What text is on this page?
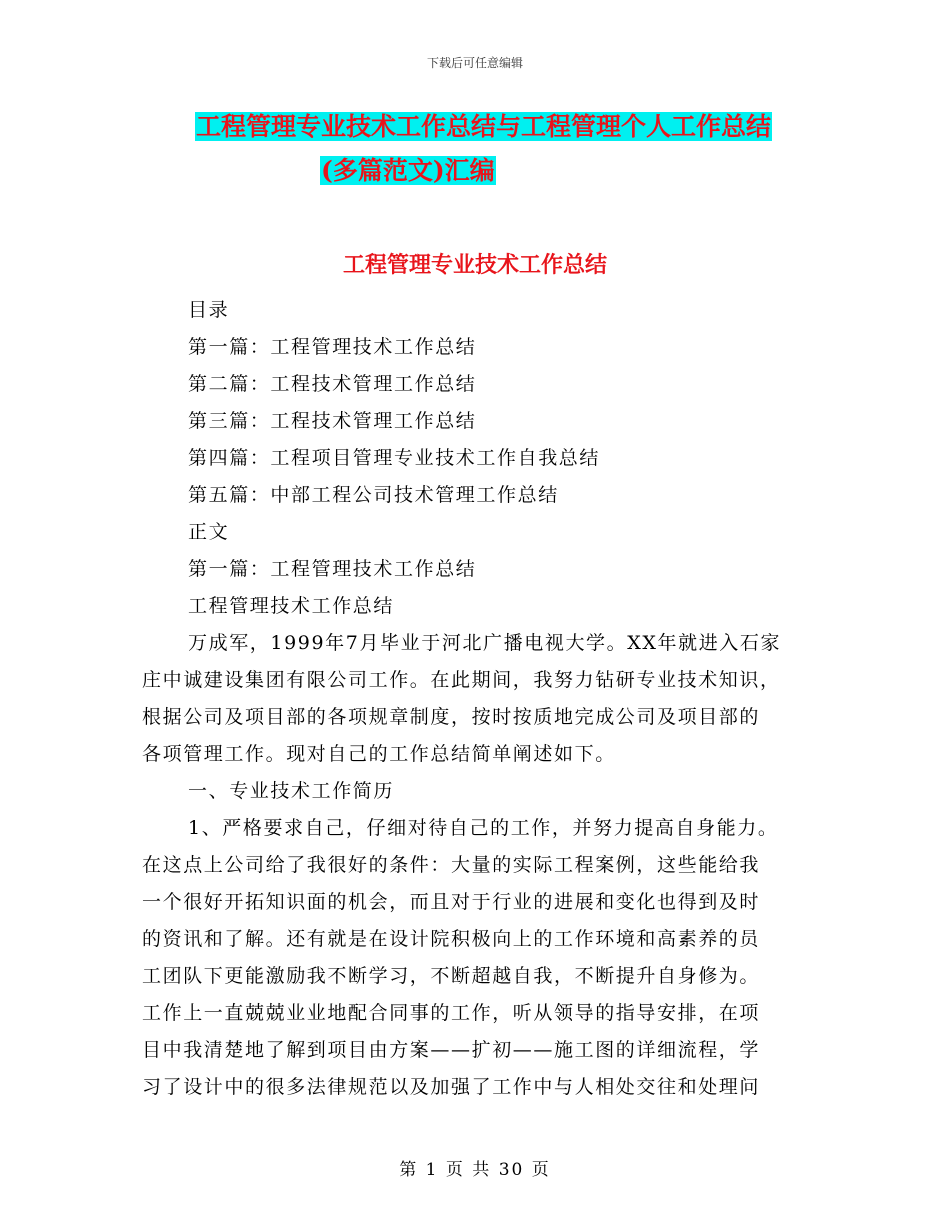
下载后可任意编辑
工程管理专业技术工作总结与工程管理个人工作总结
(多篇范文)汇编
工程管理专业技术工作总结
目录
第一篇：工程管理技术工作总结
第二篇：工程技术管理工作总结
第三篇：工程技术管理工作总结
第四篇：工程项目管理专业技术工作自我总结
第五篇：中部工程公司技术管理工作总结
正文
第一篇：工程管理技术工作总结
工程管理技术工作总结
万成军，1999年7月毕业于河北广播电视大学。XX年就进入石家
庄中诚建设集团有限公司工作。在此期间，我努力钻研专业技术知识，
根据公司及项目部的各项规章制度，按时按质地完成公司及项目部的
各项管理工作。现对自己的工作总结简单阐述如下。
一、专业技术工作简历
1、严格要求自己，仔细对待自己的工作，并努力提高自身能力。
在这点上公司给了我很好的条件：大量的实际工程案例，这些能给我
一个很好开拓知识面的机会，而且对于行业的进展和变化也得到及时
的资讯和了解。还有就是在设计院积极向上的工作环境和高素养的员
工团队下更能激励我不断学习，不断超越自我，不断提升自身修为。
工作上一直兢兢业业地配合同事的工作，听从领导的指导安排，在项
目中我清楚地了解到项目由方案——扩初——施工图的详细流程，学
习了设计中的很多法律规范以及加强了工作中与人相处交往和处理问
第 1 页 共 30 页
